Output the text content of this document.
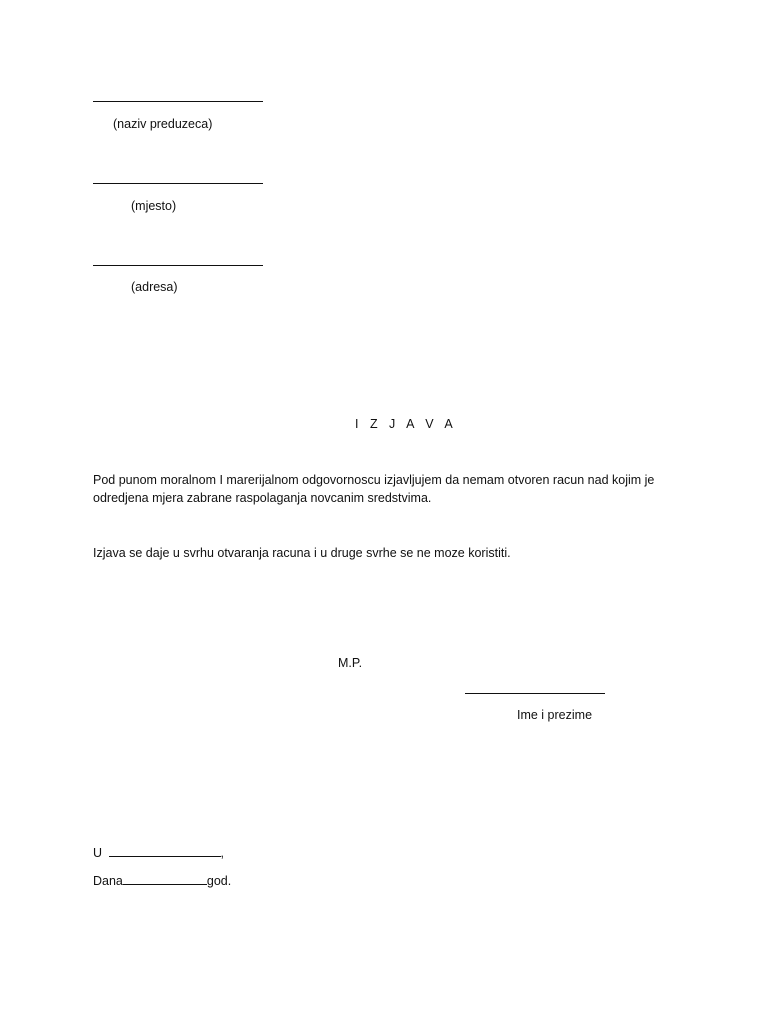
(naziv preduzeca)
(mjesto)
(adresa)
I Z J A V A
Pod punom moralnom I marerijalnom odgovornoscu izjavljujem da nemam otvoren racun nad kojim je odredjena mjera zabrane raspolaganja novcanim sredstvima.
Izjava se daje u svrhu otvaranja racuna i u druge svrhe se ne moze koristiti.
M.P.
Ime i prezime
U	,
Dana	god.
